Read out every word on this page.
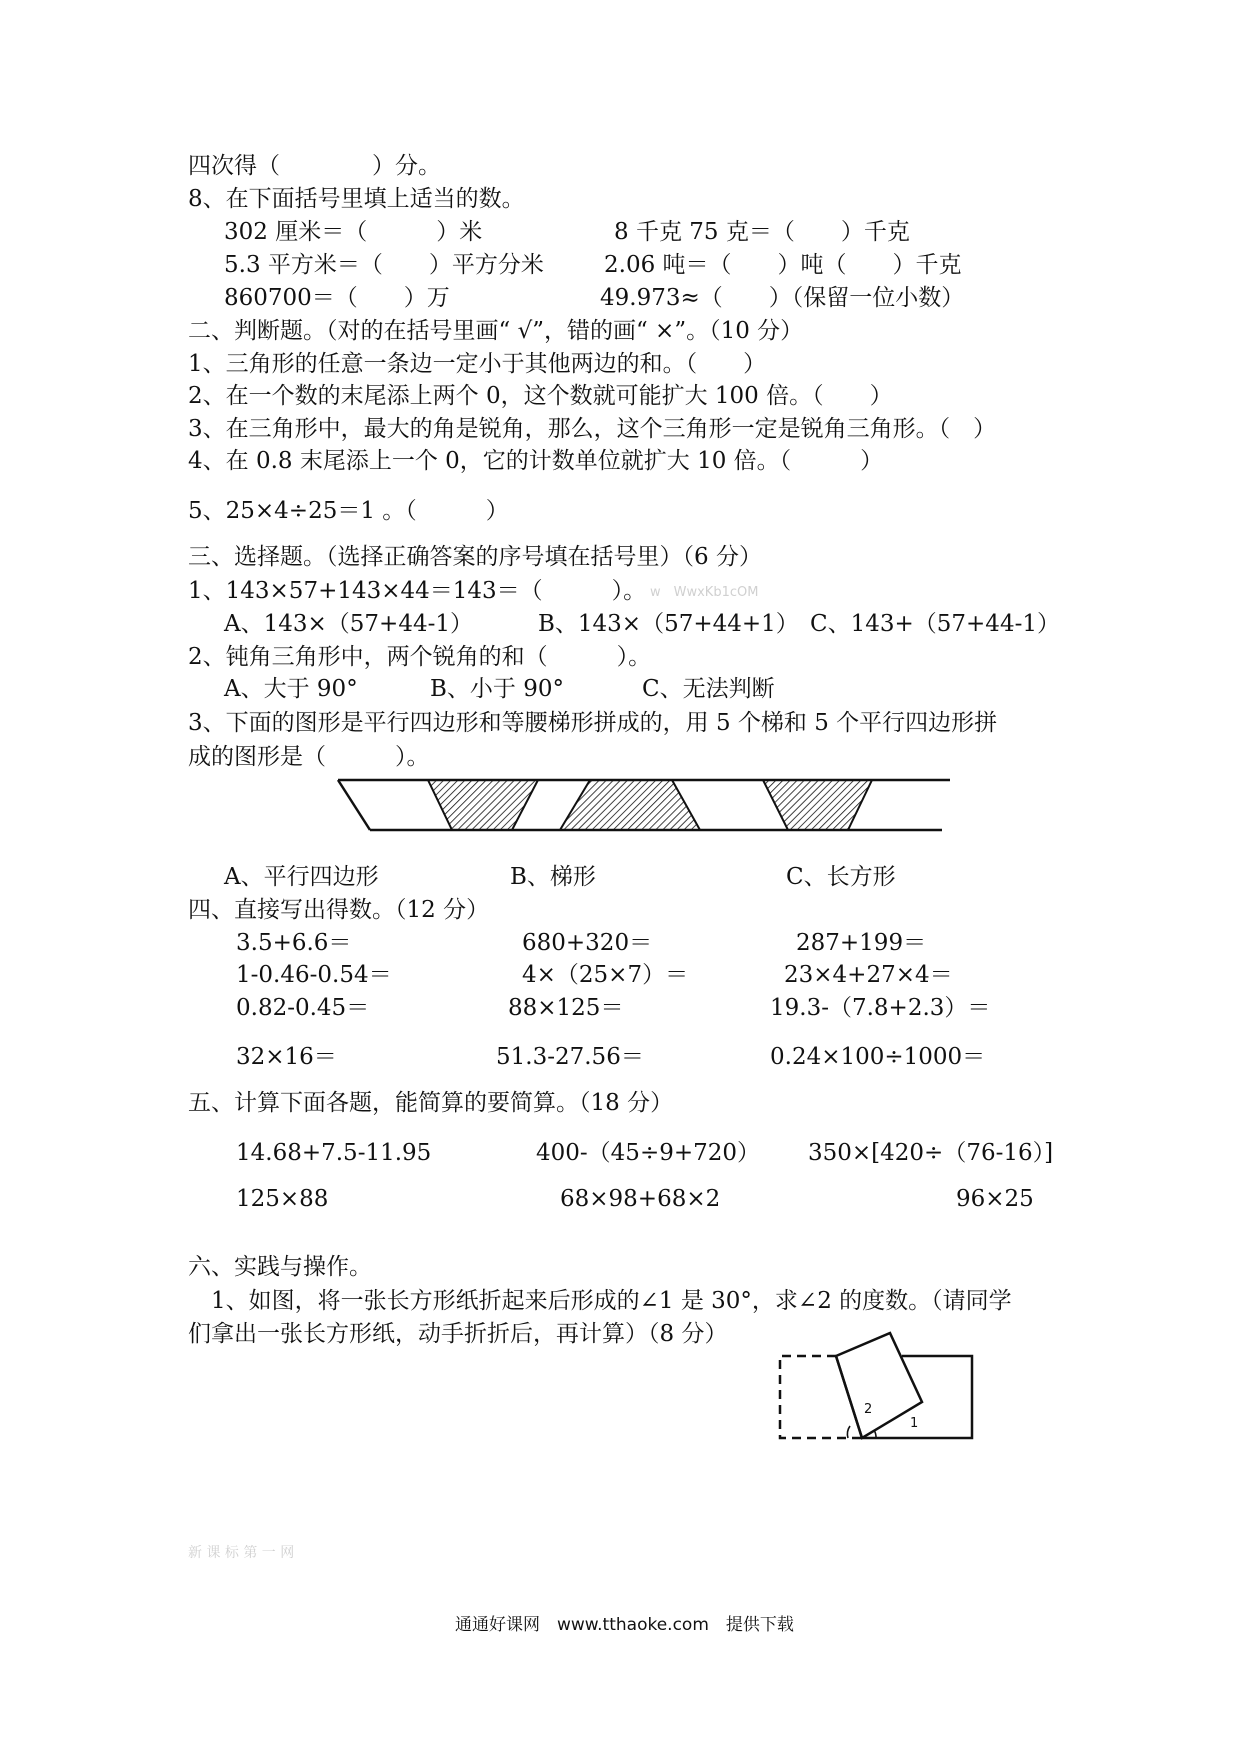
四次得（　　　　）分。
8、在下面括号里填上适当的数。
302 厘米＝（　　　）米	8 千克 75 克＝（　　）千克
5.3 平方米＝（　　）平方分米	2.06 吨＝（　　）吨（　　）千克
860700＝（　　）万	49.973≈（　　）（保留一位小数）
二、判断题。（对的在括号里画“ √”，错的画“ ×”。（10 分）
1、三角形的任意一条边一定小于其他两边的和。（　　）
2、在一个数的末尾添上两个 0，这个数就可能扩大 100 倍。（　　）
3、在三角形中，最大的角是锐角，那么，这个三角形一定是锐角三角形。（　）
4、在 0.8 末尾添上一个 0，它的计数单位就扩大 10 倍。（　　　）
5、25×4÷25＝1 。（　　　）
三、选择题。（选择正确答案的序号填在括号里）（6 分）
1、143×57+143×44＝143＝（　　　）。 w　WwxKb1cOM
A、143×（57+44-1）	B、143×（57+44+1） C、143+（57+44-1）
2、钝角三角形中，两个锐角的和（　　　）。
A、大于 90°	B、小于 90°	C、无法判断
3、下面的图形是平行四边形和等腰梯形拼成的，用 5 个梯和 5 个平行四边形拼
成的图形是（　　　）。
A、平行四边形	B、梯形	C、长方形
四、直接写出得数。（12 分）
3.5+6.6＝	680+320＝	287+199＝
1-0.46-0.54＝	4×（25×7）＝	23×4+27×4＝
0.82-0.45＝	88×125＝	19.3-（7.8+2.3）＝
32×16＝	51.3-27.56＝	0.24×100÷1000＝
五、计算下面各题，能简算的要简算。（18 分）
14.68+7.5-11.95	400-（45÷9+720） 350×[420÷（76-16）]
125×88	68×98+68×2	96×25
六、实践与操作。
　1、如图，将一张长方形纸折起来后形成的∠1 是 30°，求∠2 的度数。（请同学
们拿出一张长方形纸，动手折折后，再计算）（8 分）
2
1
新 课 标 第 一 网
通通好课网　www.tthaoke.com　提供下载
